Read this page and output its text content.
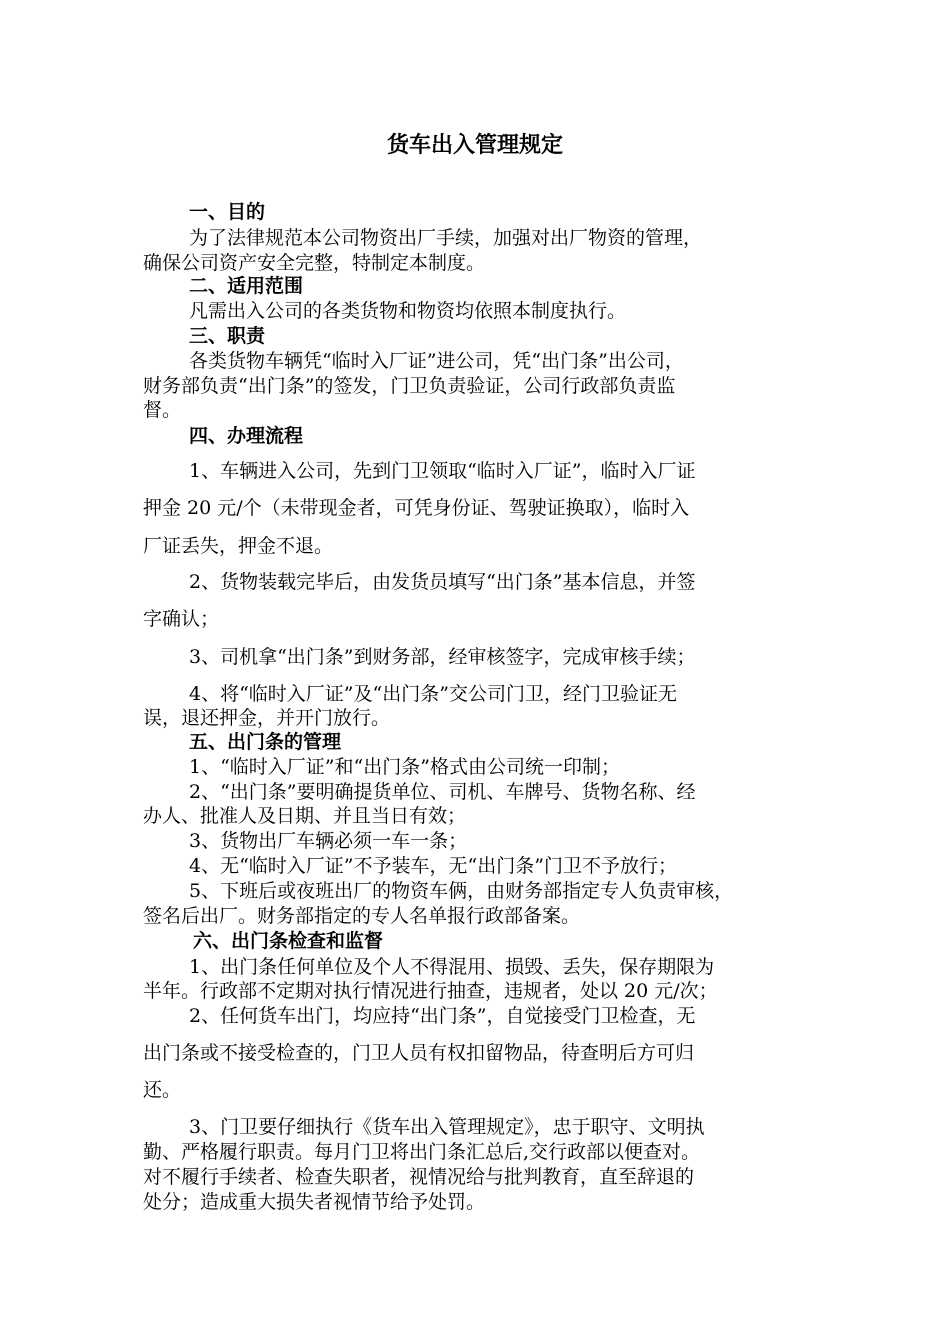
货车出入管理规定
一、目的
为了法律规范本公司物资出厂手续，加强对出厂物资的管理，
确保公司资产安全完整，特制定本制度。
二、适用范围
凡需出入公司的各类货物和物资均依照本制度执行。
三、职责
各类货物车辆凭“临时入厂证”进公司，凭“出门条”出公司，
财务部负责“出门条”的签发，门卫负责验证，公司行政部负责监
督。
四、办理流程
1、车辆进入公司，先到门卫领取“临时入厂证”，临时入厂证
押金 20 元/个（未带现金者，可凭身份证、驾驶证换取），临时入
厂证丢失，押金不退。
2、货物装载完毕后，由发货员填写“出门条”基本信息，并签
字确认；
3、司机拿“出门条”到财务部，经审核签字，完成审核手续；
4、将“临时入厂证”及“出门条”交公司门卫，经门卫验证无
误，退还押金，并开门放行。
五、出门条的管理
1、“临时入厂证”和“出门条”格式由公司统一印制；
2、“出门条”要明确提货单位、司机、车牌号、货物名称、经
办人、批准人及日期、并且当日有效；
3、货物出厂车辆必须一车一条；
4、无“临时入厂证”不予装车，无“出门条”门卫不予放行；
5、下班后或夜班出厂的物资车俩，由财务部指定专人负责审核，
签名后出厂。财务部指定的专人名单报行政部备案。
六、出门条检查和监督
1、出门条任何单位及个人不得混用、损毁、丢失，保存期限为
半年。行政部不定期对执行情况进行抽查，违规者，处以 20 元/次；
2、任何货车出门，均应持“出门条”，自觉接受门卫检查，无
出门条或不接受检查的，门卫人员有权扣留物品，待查明后方可归
还。
3、门卫要仔细执行《货车出入管理规定》，忠于职守、文明执
勤、严格履行职责。每月门卫将出门条汇总后,交行政部以便查对。
对不履行手续者、检查失职者，视情况给与批判教育，直至辞退的
处分；造成重大损失者视情节给予处罚。
